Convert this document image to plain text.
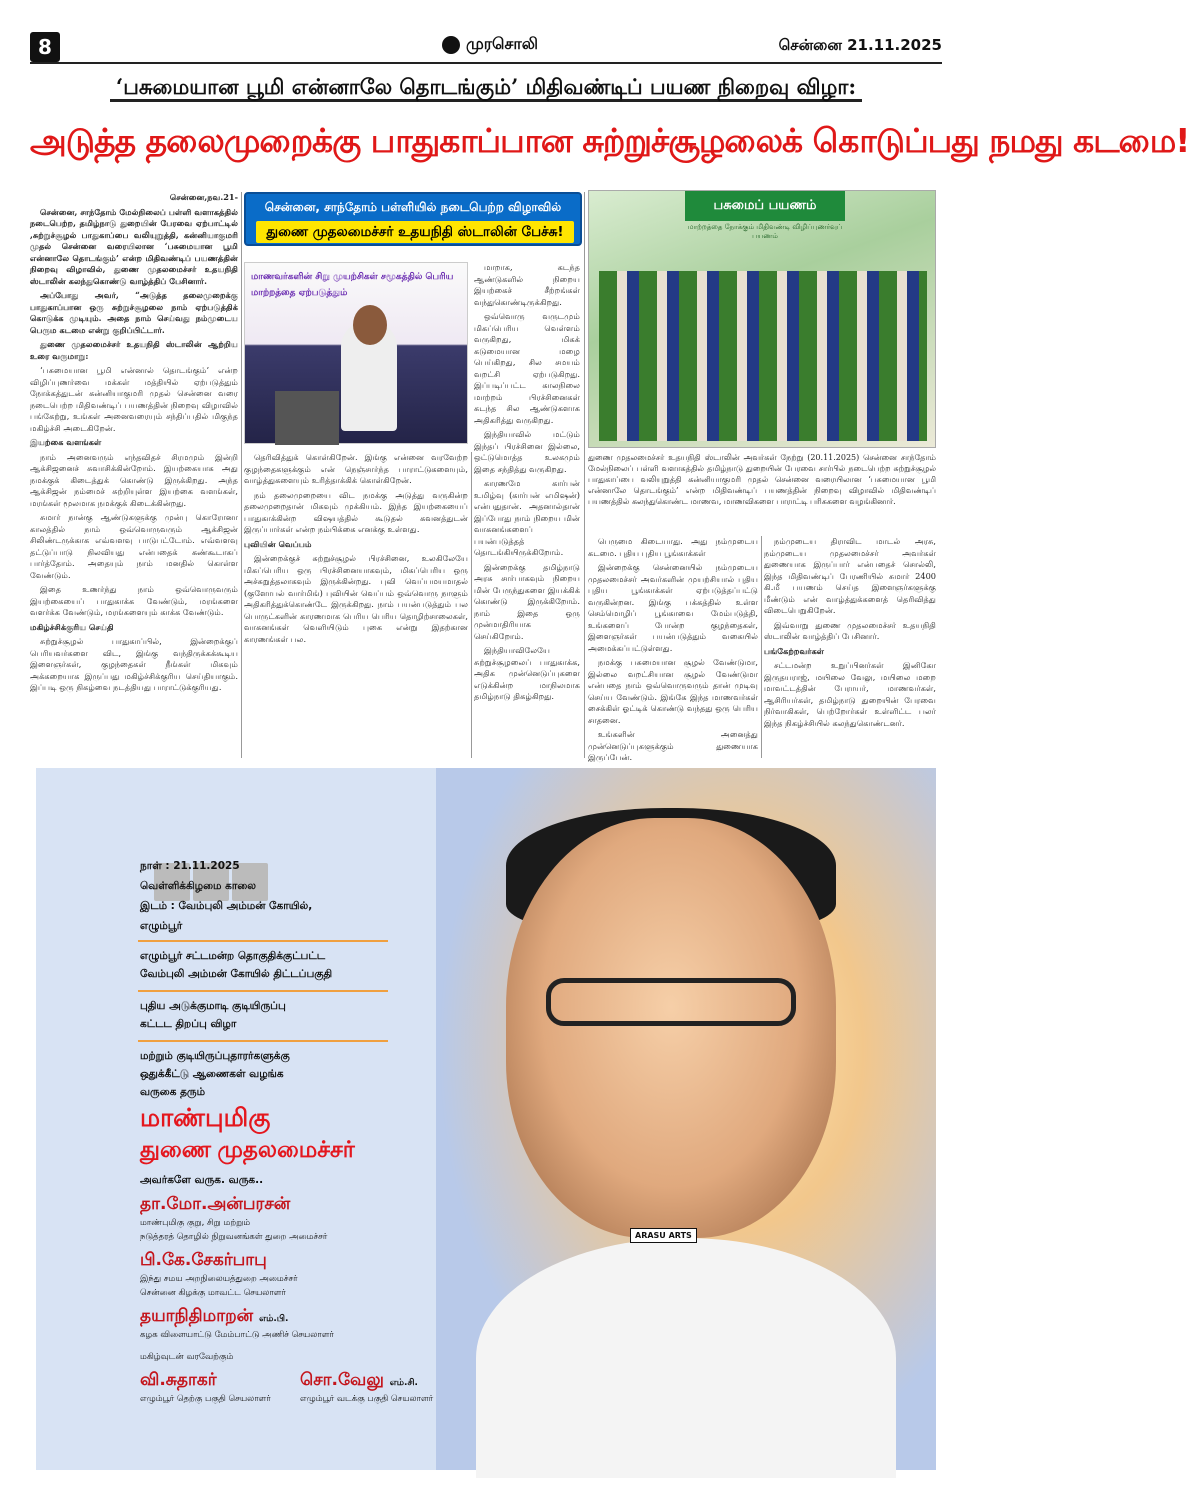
8	முரசொலி	சென்னை 21.11.2025
‘பசுமையான பூமி என்னாலே தொடங்கும்’ மிதிவண்டிப் பயண நிறைவு விழா:
அடுத்த தலைமுறைக்கு பாதுகாப்பான சுற்றுச்சூழலைக் கொடுப்பது நமது கடமை!

சென்னை,நவ.21-

சென்னை, சாந்தோம் மேல்நிலைப் பள்ளி வளாகத்தில் நடைபெற்ற, தமிழ்நாடு துறையின் பேரவை ஏற்பாட்டில் ,சுற்றுச்சூழல் பாதுகாப்பை வலியுறுத்தி, கன்னியாகுமரி முதல் சென்னை வரையிலான ‘பசுமையான பூமி என்னாலே தொடங்கும்’ என்ற மிதிவண்டிப் பயணத்தின் நிறைவு விழாவில், துணை முதலமைச்சர் உதயநிதி ஸ்டாலின் கலந்துகொண்டு வாழ்த்திப் பேசினார்.

அப்போது அவர், “அடுத்த தலைமுறைக்கு பாதுகாப்பான ஒரு சுற்றுச்சூழலை நாம் ஏற்படுத்திக் கொடுக்க முடியும். அதை நாம் செய்வது நம்முடைய பெரும கடமை என்று குறிப்பிட்டார்.

துணை முதலமைச்சர் உதயநிதி ஸ்டாலின் ஆற்றிய உரை வருமாறு:

‘பசுமையான பூமி என்னால் தொடங்கும்’ என்ற விழிப்புணர்வை மக்கள் மத்தியில் ஏற்படுத்தும் நோக்கத்துடன் கன்னியாகுமரி முதல் சென்னை வரை நடைபெற்ற மிதிவண்டிப் பயணத்தின் நிறைவு விழாவில் பங்கேற்று, உங்கள் அனைவரையும் சந்திப்பதில் மிகுந்த மகிழ்ச்சி அடைகிறேன்.

இயற்கை வளங்கள்

நாம் அனைவரும் எந்தவிதச் சிரமமும் இன்றி ஆக்சிஜனைச் சுவாசிக்கின்றோம். இயற்கையாக அது நமக்குக் கிடைத்துக் கொண்டு இருக்கிறது. அந்த ஆக்சிஜன் நம்மைச் சுற்றியுள்ள இயற்கை வளங்கள், மரங்கள் மூலமாக நமக்குக் கிடைக்கின்றது.

சுமார் நான்கு ஆண்டுகளுக்கு முன்பு கொரோனா காலத்தில் நாம் ஒவ்வொருவரும் ஆக்சிஜன் சிலிண்டருக்காக எவ்வளவு பாடுபட்டோம். எவ்வளவு தட்டுப்பாடு நிலவியது என்பதைக் கண்கூடாகப் பார்த்தோம். அதையும் நாம் மனதில் கொள்ள வேண்டும்.

இதை உணர்ந்து நாம் ஒவ்வொருவரும் இயற்கையைப் பாதுகாக்க வேண்டும், மரங்களை வளர்க்க வேண்டும், மரங்களையும் காக்க வேண்டும்.

மகிழ்ச்சிக்குரிய செய்தி

சுற்றுச்சூழல் பாதுகாப்பில், இன்றைக்குப் பெரியவர்களை விட, இங்கு வந்திருக்கக்கூடிய இளைஞர்கள், குழந்தைகள் நீங்கள் மிகவும் அக்கறையாக இருப்பது மகிழ்ச்சிக்குரிய செய்தியாகும். இப்படி ஒரு நிகழ்வை நடத்தியது பாராட்டுக்குரியது.

சென்னை, சாந்தோம் பள்ளியில் நடைபெற்ற விழாவில்
துணை முதலமைச்சர் உதயநிதி ஸ்டாலின் பேச்சு!
மாணவர்களின் சிறு முயற்சிகள் சமூகத்தில் பெரிய மாற்றத்தை ஏற்படுத்தும்

மாறாக, கடந்த ஆண்டுகளில் நிறைய இயற்கைச் சீற்றங்கள் வந்துகொண்டிருக்கிறது.

ஒவ்வொரு வருடமும் மிகப்பெரிய வெள்ளம் வருகிறது, மிகக் கடுமையான மழை பெய்கிறது, சில சமயம் வறட்சி ஏற்படுகிறது. இப்படிப்பட்ட காலநிலை மாற்றம் பிரச்சினைகள் கடந்த சில ஆண்டுகளாக அதிகரித்து வருகிறது.

இந்தியாவில் மட்டும் இந்தப் பிரச்சினை இல்லை, ஒட்டுமொத்த உலகமும் இதை சந்தித்து வருகிறது.

காரணமே கார்பன் உமிழ்வு (கார்பன் எமிஷன்) என்பதுதான். அதனால்தான் இப்போது நாம் நிறைய மின் வாகனங்களைப் பயன்படுத்தத் தொடங்கியிருக்கிறோம்.

இன்றைக்கு தமிழ்நாடு அரசு சார்பாகவும் நிறைய மின் பேருந்துகளை இயக்கிக் கொண்டு இருக்கிறோம். நாம் இதை ஒரு முன்மாதிரியாக செய்கிறோம்.

இந்தியாவிலேயே சுற்றுச்சூழலைப் பாதுகாக்க, அதிக முன்னெடுப்புகளை எடுக்கின்ற மாநிலமாக தமிழ்நாடு திகழ்கிறது.

தெரிவித்துக் கொள்கிறேன். இங்கு என்னை வரவேற்ற குழந்தைகளுக்கும் என் நெஞ்சார்ந்த பாராட்டுகளையும், வாழ்த்துகளையும் உரித்தாக்கிக் கொள்கிறேன்.

நம் தலைமுறையை விட நமக்கு அடுத்து வருகின்ற தலைமுறைதான் மிகவும் முக்கியம். இந்த இயற்கையைப் பாதுகாக்கின்ற விஷயத்தில் கூடுதல் கவனத்துடன் இருப்பார்கள் என்ற நம்பிக்கை எனக்கு உள்ளது.

புவியின் வெப்பம்

இன்றைக்குச் சுற்றுச்சூழல் பிரச்சினை, உலகிலேயே மிகப்பெரிய ஒரு பிரச்சினையாகவும், மிகப்பெரிய ஒரு அச்சுறுத்தலாகவும் இருக்கின்றது. புவி வெப்பமயமாதல் (குளோபல் வார்மிங்) புவியின் வெப்பம் ஒவ்வொரு நாளும் அதிகரித்துக்கொண்டே இருக்கிறது. நாம் பயன்படுத்தும் பல பொருட்களின் காரணமாக பெரிய பெரிய தொழிற்சாலைகள், வாகனங்கள் வெளியிடும் புகை என்று இதற்கான காரணங்கள் பல.

பசுமைப் பயணம்
மாற்றத்தை நோக்கும் மிதிவண்டி விழிப்புணர்வுப் பயணம்
துணை முதலமைச்சர் உதயநிதி ஸ்டாலின் அவர்கள் நேற்று (20.11.2025) சென்னை சாந்தோம் மேல்நிலைப் பள்ளி வளாகத்தில் தமிழ்நாடு துறையின் பேரவை சார்பில் நடைபெற்ற சுற்றுச்சூழல் பாதுகாப்பை வலியுறுத்தி கன்னியாகுமரி முதல் சென்னை வரையிலான ‘பசுமையான பூமி என்னாலே தொடங்கும்’ என்ற மிதிவண்டிப் பயணத்தின் நிறைவு விழாவில் மிதிவண்டிப் பயணத்தில் கலந்துகொண்ட மாணவ, மாணவிகளை பாராட்டி பரிசுகளை வழங்கினார்.

பெருமை கிடையாது. அது நம்முடைய கடமை. புதிய புதிய பூங்காக்கள்

இன்றைக்கு சென்னையில் நம்முடைய முதலமைச்சர் அவர்களின் முயற்சியால் புதிய புதிய பூங்காக்கள் ஏற்படுத்தப்பட்டு வருகின்றன. இங்கு பக்கத்தில் உள்ள செம்மொழிப் பூங்காவை மேம்படுத்தி, உங்களைப் போன்ற குழந்தைகள், இளைஞர்கள் பயன்படுத்தும் வகையில் அமைக்கப்பட்டுள்ளது.

நமக்கு பசுமையான சூழல் வேண்டுமா, இல்லை வறட்சியான சூழல் வேண்டுமா என்பதை நாம் ஒவ்வொருவரும் தான் முடிவு செய்ய வேண்டும். இங்கே இந்த மாணவர்கள் சைக்கிள் ஓட்டிக் கொண்டு வந்தது ஒரு பெரிய சாதனை.

உங்களின் அனைத்து முன்னெடுப்புகளுக்கும் துணையாக இருப்பேன்.

நம்முடைய திராவிட மாடல் அரசு, நம்முடைய முதலமைச்சர் அவர்கள் துணையாக இருப்பார் என்பதைச் சொல்லி, இந்த மிதிவண்டிப் பேரணியில் சுமார் 2400 கி.மீ பயணம் செய்த இளைஞர்களுக்கு மீண்டும் என் வாழ்த்துக்களைத் தெரிவித்து விடைபெறுகிறேன்.

இவ்வாறு துணை முதலமைச்சர் உதயநிதி ஸ்டாலின் வாழ்த்திப் பேசினார்.

பங்கேற்றவர்கள்

சட்டமன்ற உறுப்பினர்கள் இனிகோ இருதயராஜ், மயிலை வேலு, மயிலை மறை மாவட்டத்தின் பேராயர், மாணவர்கள், ஆசிரியர்கள், தமிழ்நாடு துறையின் பேரவை நிர்வாகிகள், பெற்றோர்கள் உள்ளிட்ட பலர் இந்த நிகழ்ச்சியில் கலந்துகொண்டனர்.

நாள் : 21.11.2025
வெள்ளிக்கிழமை காலை
இடம் : வேம்புலி அம்மன் கோயில்,
எழும்பூர்
எழும்பூர் சட்டமன்ற தொகுதிக்குட்பட்ட
வேம்புலி அம்மன் கோயில் திட்டப்பகுதி
புதிய அடுக்குமாடி குடியிருப்பு
கட்டட திறப்பு விழா
மற்றும் குடியிருப்புதாரர்களுக்கு
ஒதுக்கீட்டு ஆணைகள் வழங்க
வருகை தரும்
மாண்புமிகு
துணை முதலமைச்சர்
அவர்களே வருக. வருக..
தா.மோ.அன்பரசன்
மாண்புமிகு குறு, சிறு மற்றும்
நடுத்தரத் தொழில் நிறுவனங்கள் துறை அமைச்சர்
பி.கே.சேகர்பாபு
இந்து சமய அறநிலையத்துறை அமைச்சர்
சென்னை கிழக்கு மாவட்ட செயலாளர்
தயாநிதிமாறன் எம்.பி.
கழக விளையாட்டு மேம்பாட்டு அணிச் செயலாளர்
மகிழ்வுடன் வரவேற்கும்
வி.சுதாகர்
எழும்பூர் தெற்கு பகுதி செயலாளர்
சொ.வேலு எம்.சி.
எழும்பூர் வடக்கு பகுதி செயலாளர்
ARASU ARTS
